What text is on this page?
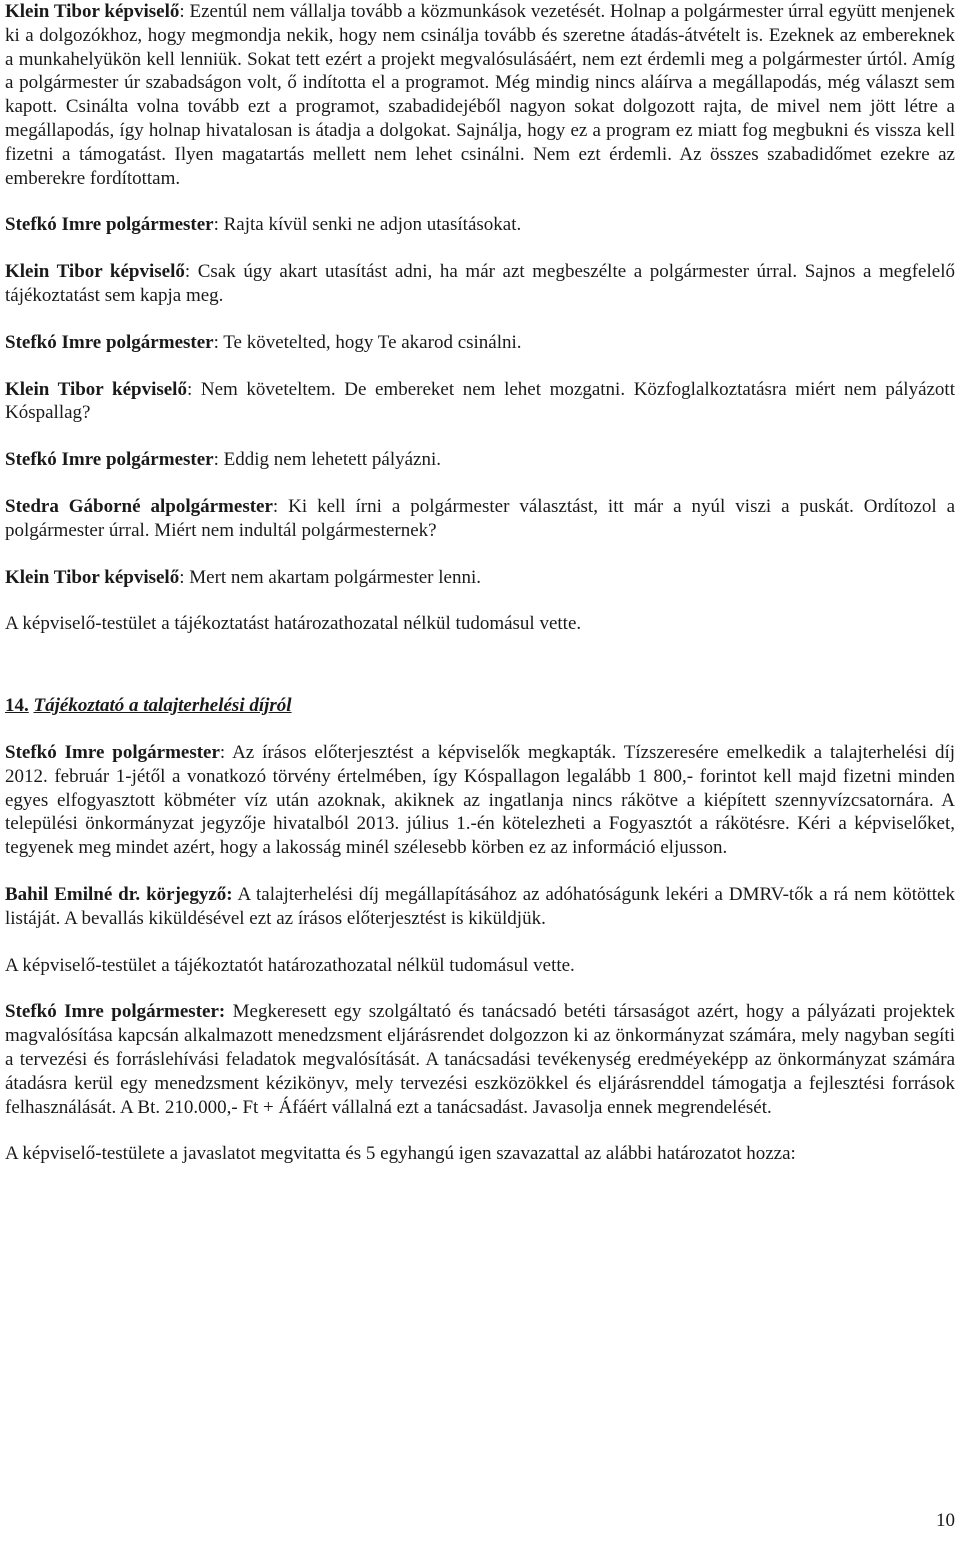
Klein Tibor képviselő: Ezentúl nem vállalja tovább a közmunkások vezetését. Holnap a polgármester úrral együtt menjenek ki a dolgozókhoz, hogy megmondja nekik, hogy nem csinálja tovább és szeretne átadás-átvételt is. Ezeknek az embereknek a munkahelyükön kell lenniük. Sokat tett ezért a projekt megvalósulásáért, nem ezt érdemli meg a polgármester úrtól. Amíg a polgármester úr szabadságon volt, ő indította el a programot. Még mindig nincs aláírva a megállapodás, még választ sem kapott. Csinálta volna tovább ezt a programot, szabadidejéből nagyon sokat dolgozott rajta, de mivel nem jött létre a megállapodás, így holnap hivatalosan is átadja a dolgokat. Sajnálja, hogy ez a program ez miatt fog megbukni és vissza kell fizetni a támogatást. Ilyen magatartás mellett nem lehet csinálni. Nem ezt érdemli. Az összes szabadidőmet ezekre az emberekre fordítottam.

Stefkó Imre polgármester: Rajta kívül senki ne adjon utasításokat.

Klein Tibor képviselő: Csak úgy akart utasítást adni, ha már azt megbeszélte a polgármester úrral. Sajnos a megfelelő tájékoztatást sem kapja meg.

Stefkó Imre polgármester: Te követelted, hogy Te akarod csinálni.

Klein Tibor képviselő: Nem követeltem. De embereket nem lehet mozgatni. Közfoglalkoztatásra miért nem pályázott Kóspallag?

Stefkó Imre polgármester: Eddig nem lehetett pályázni.

Stedra Gáborné alpolgármester: Ki kell írni a polgármester választást, itt már a nyúl viszi a puskát. Ordítozol a polgármester úrral. Miért nem indultál polgármesternek?

Klein Tibor képviselő: Mert nem akartam polgármester lenni.

A képviselő-testület a tájékoztatást határozathozatal nélkül tudomásul vette.

14. Tájékoztató a talajterhelési díjról

Stefkó Imre polgármester: Az írásos előterjesztést a képviselők megkapták. Tízszeresére emelkedik a talajterhelési díj 2012. február 1-jétől a vonatkozó törvény értelmében, így Kóspallagon legalább 1 800,- forintot kell majd fizetni minden egyes elfogyasztott köbméter víz után azoknak, akiknek az ingatlanja nincs rákötve a kiépített szennyvízcsatornára. A települési önkormányzat jegyzője hivatalból 2013. július 1.-én kötelezheti a Fogyasztót a rákötésre. Kéri a képviselőket, tegyenek meg mindet azért, hogy a lakosság minél szélesebb körben ez az információ eljusson.

Bahil Emilné dr. körjegyző: A talajterhelési díj megállapításához az adóhatóságunk lekéri a DMRV-tők a rá nem kötöttek listáját. A bevallás kiküldésével ezt az írásos előterjesztést is kiküldjük.

A képviselő-testület a tájékoztatót határozathozatal nélkül tudomásul vette.

Stefkó Imre polgármester: Megkeresett egy szolgáltató és tanácsadó betéti társaságot azért, hogy a pályázati projektek magvalósítása kapcsán alkalmazott menedzsment eljárásrendet dolgozzon ki az önkormányzat számára, mely nagyban segíti a tervezési és forráslehívási feladatok megvalósítását. A tanácsadási tevékenység eredméyeképp az önkormányzat számára átadásra kerül egy menedzsment kézikönyv, mely tervezési eszközökkel és eljárásrenddel támogatja a fejlesztési források felhasználását. A Bt. 210.000,- Ft + Áfáért vállalná ezt a tanácsadást. Javasolja ennek megrendelését.

A képviselő-testülete a javaslatot megvitatta és 5 egyhangú igen szavazattal az alábbi határozatot hozza:

10
